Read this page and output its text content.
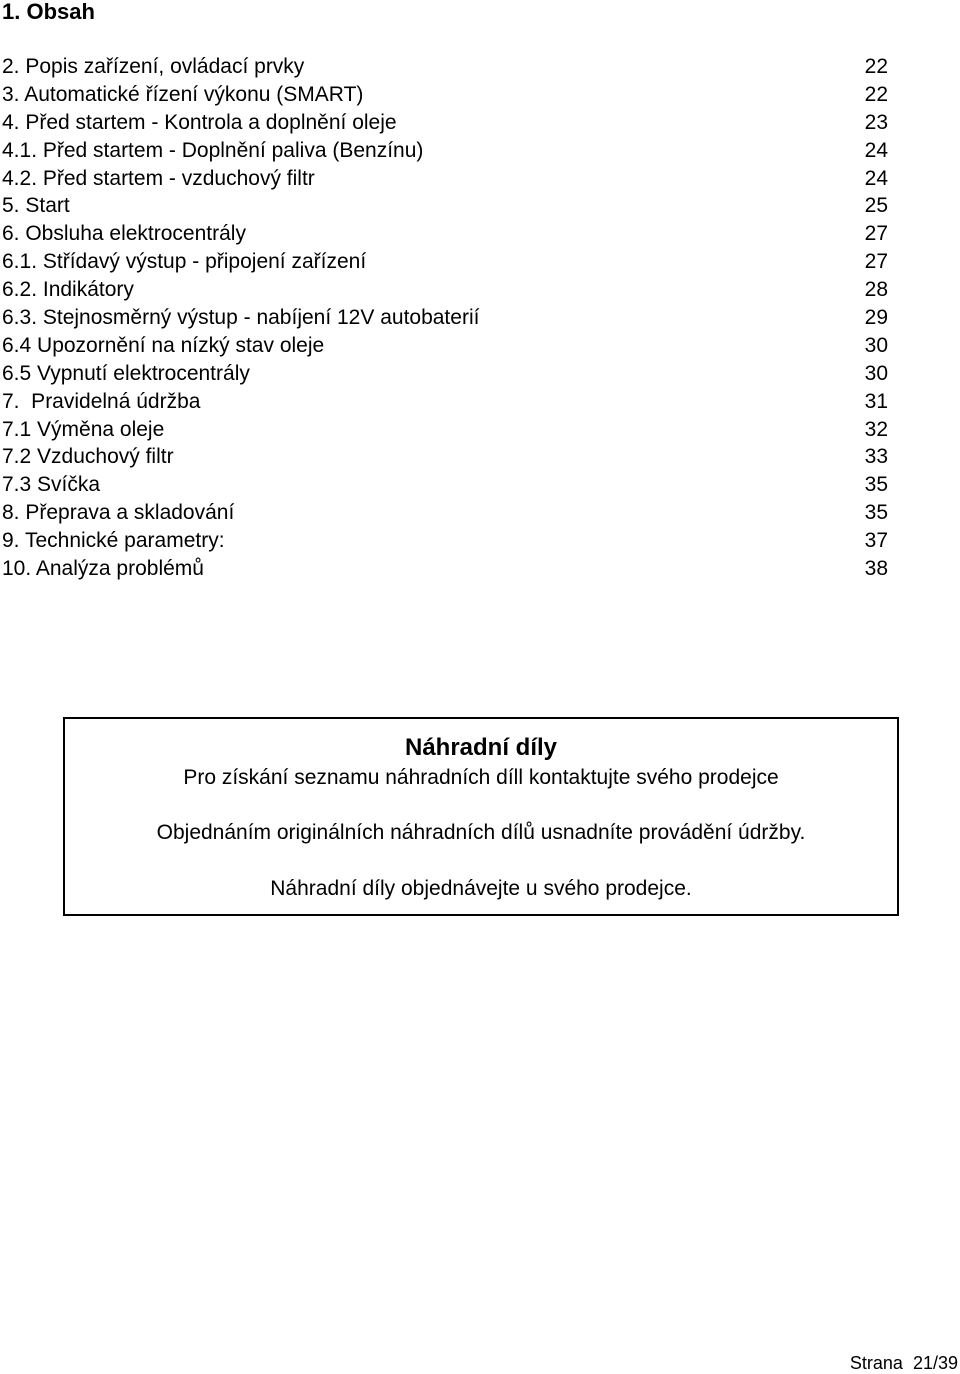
1. Obsah
2. Popis zařízení, ovládací prvky	22
3. Automatické řízení výkonu (SMART)	22
4. Před startem - Kontrola a doplnění oleje	23
4.1. Před startem - Doplnění paliva (Benzínu)	24
4.2. Před startem - vzduchový filtr	24
5. Start	25
6. Obsluha elektrocentrály	27
6.1. Střídavý výstup - připojení zařízení	27
6.2. Indikátory	28
6.3. Stejnosměrný výstup - nabíjení 12V autobaterií	29
6.4 Upozornění na nízký stav oleje	30
6.5 Vypnutí elektrocentrály	30
7.  Pravidelná údržba	31
7.1 Výměna oleje	32
7.2 Vzduchový filtr	33
7.3 Svíčka	35
8. Přeprava a skladování	35
9. Technické parametry:	37
10. Analýza problémů	38
Náhradní díly
Pro získání seznamu náhradních díll kontaktujte svého prodejce
Objednáním originálních náhradních dílů usnadníte provádění údržby.
Náhradní díly objednávejte u svého prodejce.
Strana  21/39
